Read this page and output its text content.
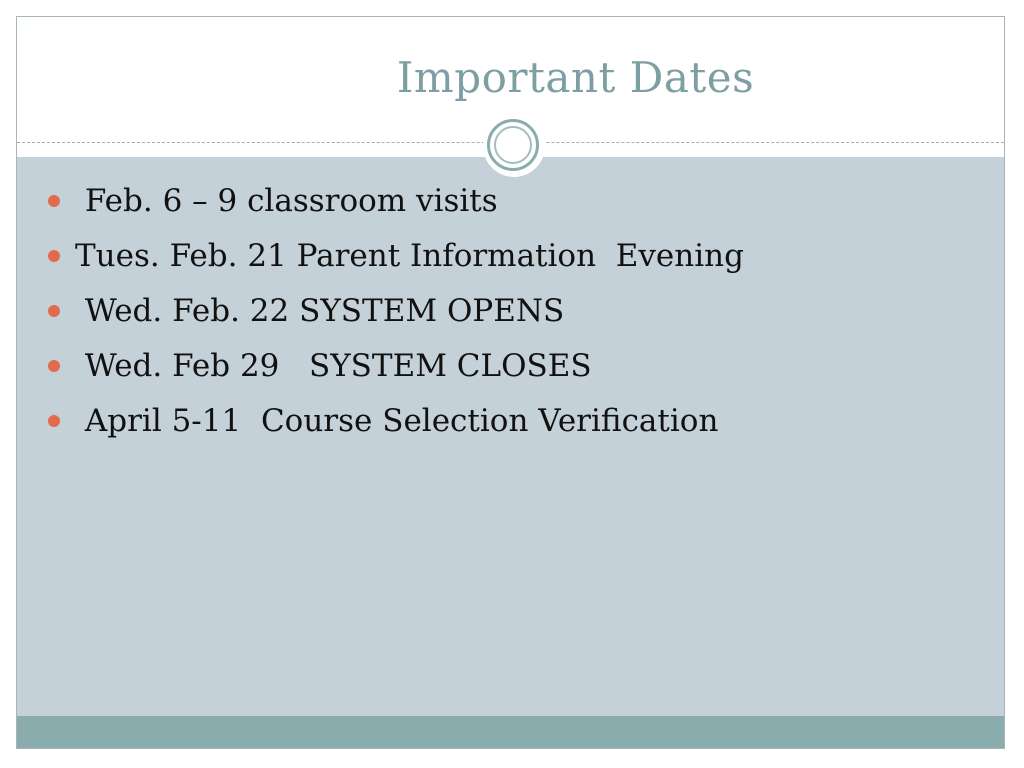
Important Dates

Feb. 6 – 9 classroom visits

Tues. Feb. 21 Parent Information  Evening

Wed. Feb. 22 SYSTEM OPENS

Wed. Feb 29   SYSTEM CLOSES

April 5-11  Course Selection Verification
